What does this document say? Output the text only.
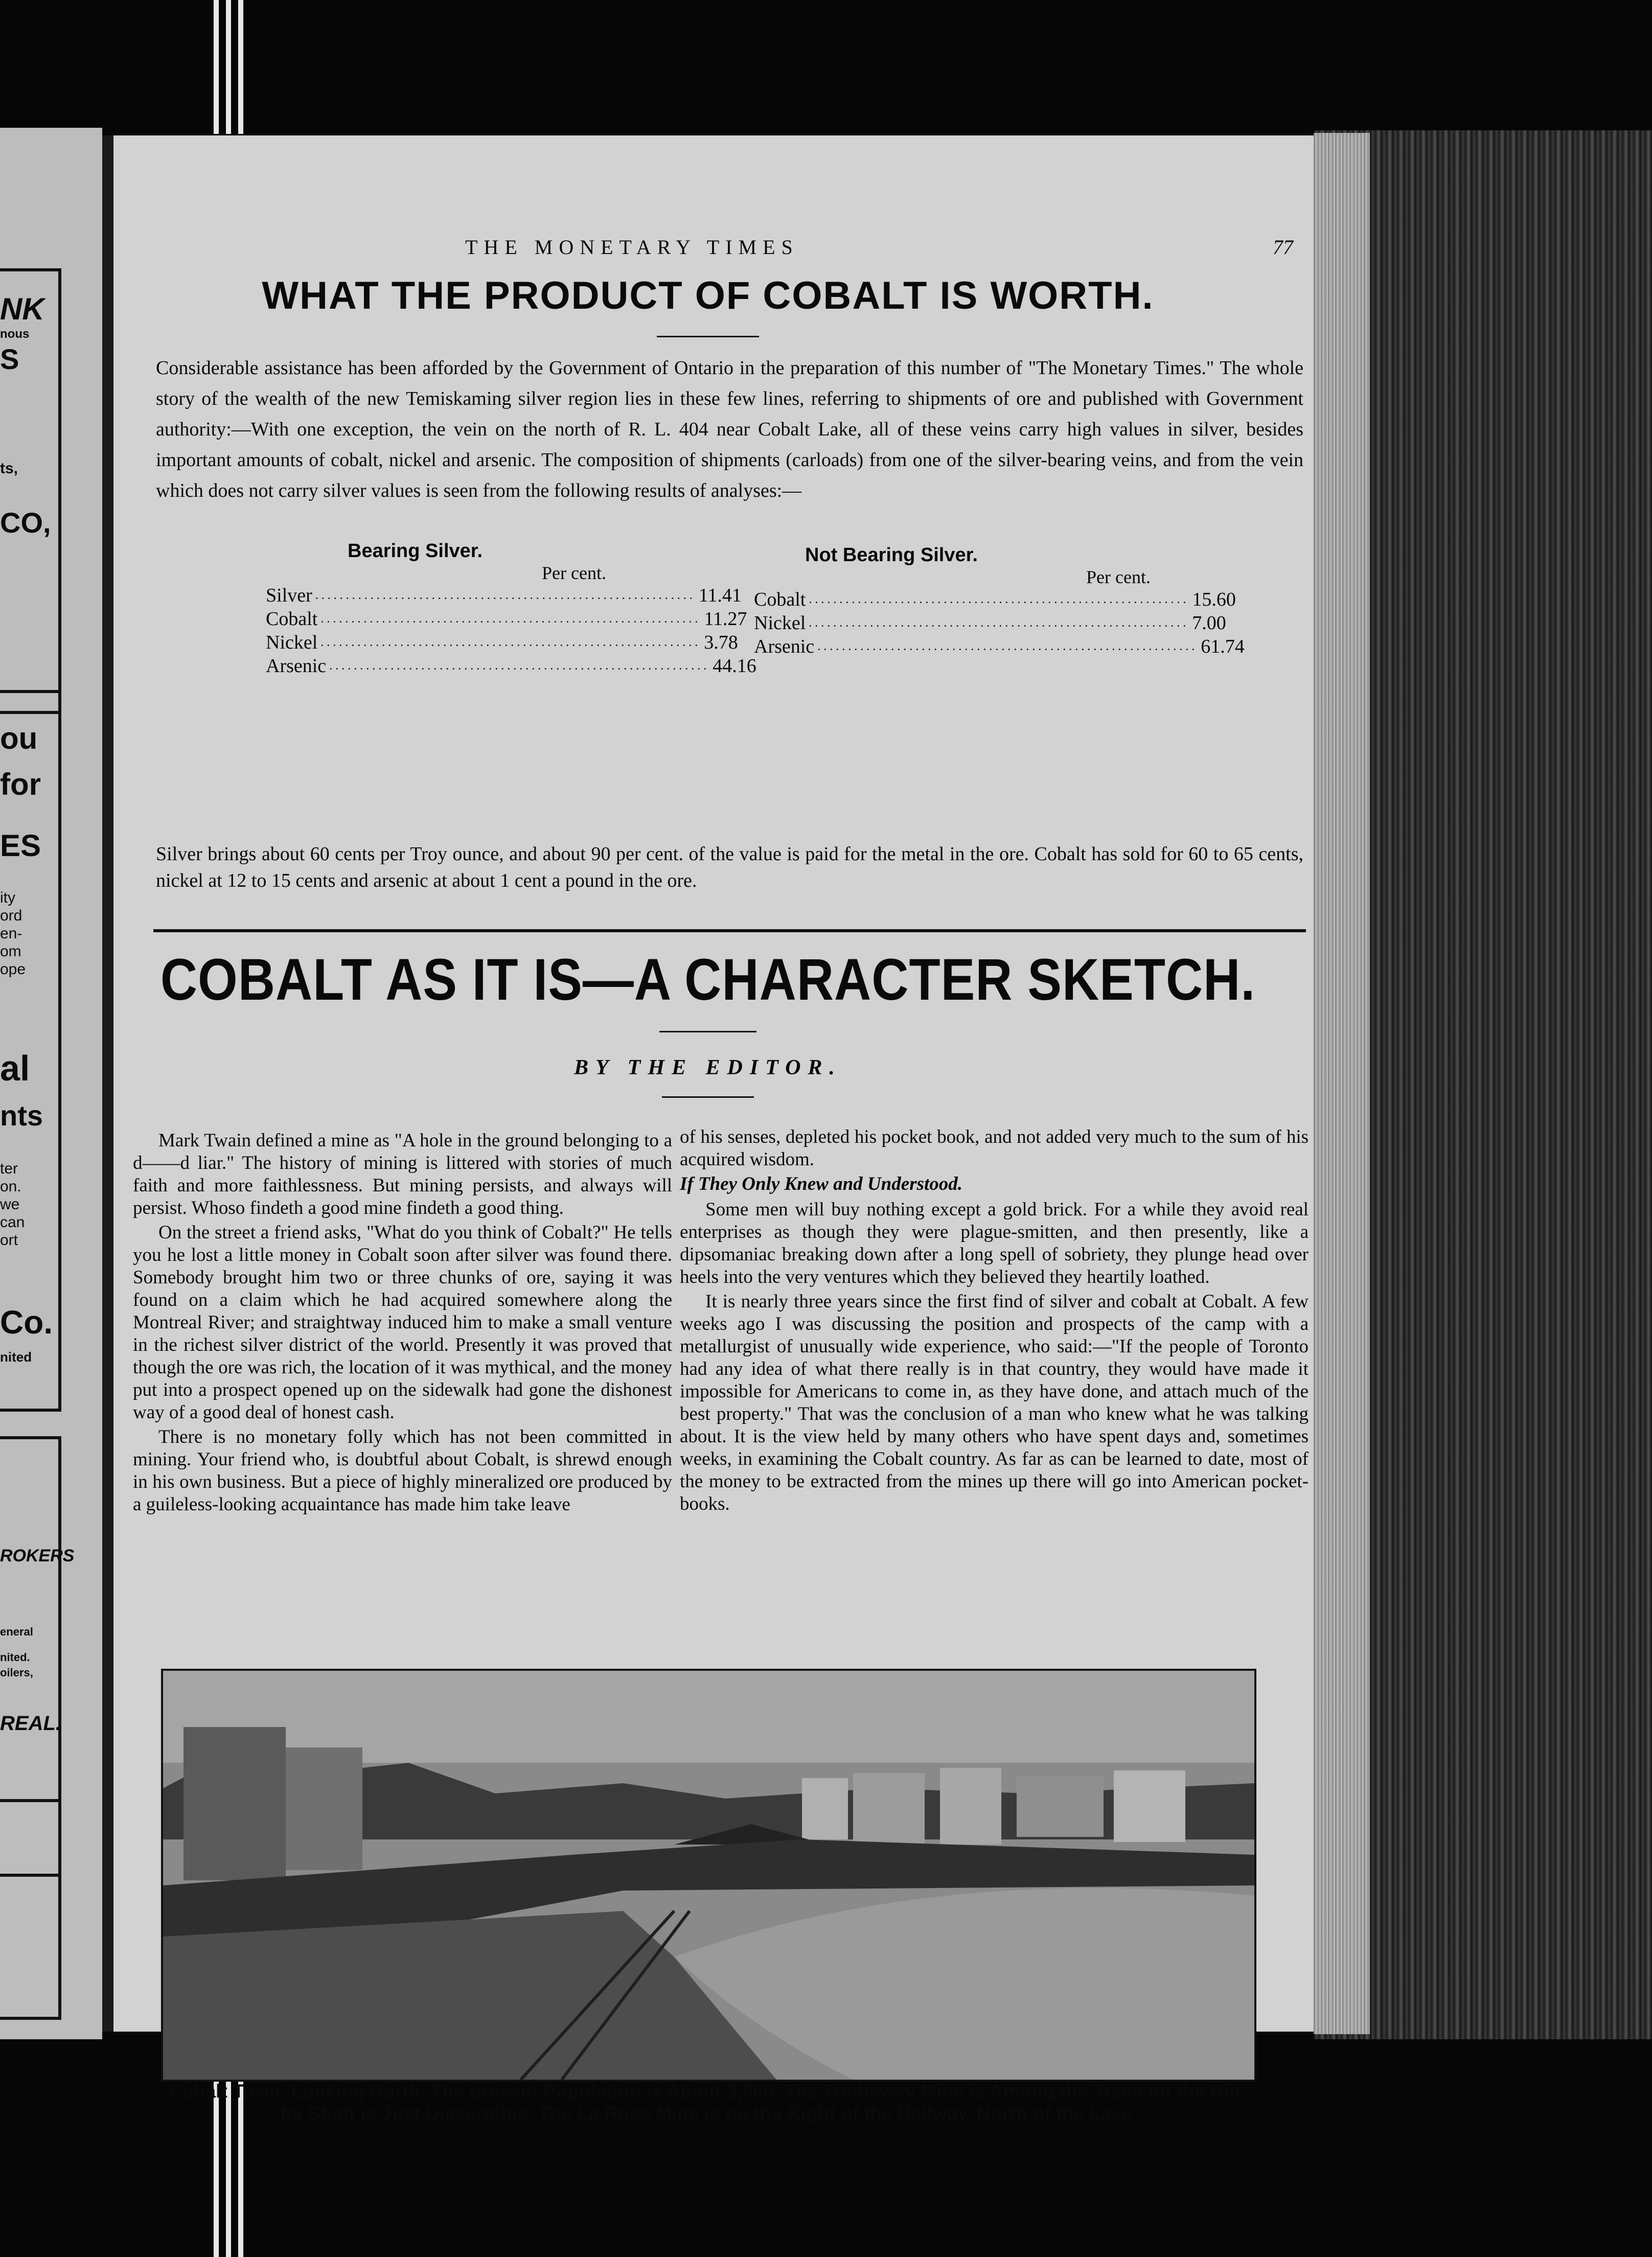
NK
nous
S
ts,
CO,
ou
for
ES
ity
ord
en-
om
ope
al
nts
ter
on.
we
can
ort
Co.
nited
ROKERS
eneral
nited.
oilers,
REAL.
THE MONETARY TIMES	77
WHAT THE PRODUCT OF COBALT IS WORTH.

Considerable assistance has been afforded by the Government of Ontario in the preparation of this number of "The Monetary Times." The whole story of the wealth of the new Temiskaming silver region lies in these few lines, referring to shipments of ore and published with Government authority:—With one exception, the vein on the north of R. L. 404 near Cobalt Lake, all of these veins carry high values in silver, besides important amounts of cobalt, nickel and arsenic. The composition of shipments (carloads) from one of the silver-bearing veins, and from the vein which does not carry silver values is seen from the following results of analyses:—

Bearing Silver.
Per cent.
Silver .............................................................. 11.41
Cobalt .............................................................. 11.27
Nickel .............................................................. 3.78
Arsenic .............................................................. 44.16
Not Bearing Silver.
Per cent.
Cobalt .............................................................. 15.60
Nickel .............................................................. 7.00
Arsenic .............................................................. 61.74

Silver brings about 60 cents per Troy ounce, and about 90 per cent. of the value is paid for the metal in the ore. Cobalt has sold for 60 to 65 cents, nickel at 12 to 15 cents and arsenic at about 1 cent a pound in the ore.

COBALT AS IT IS—A CHARACTER SKETCH.
BY THE EDITOR.

Mark Twain defined a mine as "A hole in the ground belonging to a d——d liar." The history of mining is littered with stories of much faith and more faithlessness. But mining persists, and always will persist. Whoso findeth a good mine findeth a good thing.

On the street a friend asks, "What do you think of Cobalt?" He tells you he lost a little money in Cobalt soon after silver was found there. Somebody brought him two or three chunks of ore, saying it was found on a claim which he had acquired somewhere along the Montreal River; and straightway induced him to make a small venture in the richest silver district of the world. Presently it was proved that though the ore was rich, the location of it was mythical, and the money put into a prospect opened up on the sidewalk had gone the dishonest way of a good deal of honest cash.

There is no monetary folly which has not been committed in mining. Your friend who, is doubtful about Cobalt, is shrewd enough in his own business. But a piece of highly mineralized ore produced by a guileless-looking acquaintance has made him take leave

of his senses, depleted his pocket book, and not added very much to the sum of his acquired wisdom.

If They Only Knew and Understood.

Some men will buy nothing except a gold brick. For a while they avoid real enterprises as though they were plague-smitten, and then presently, like a dipsomaniac breaking down after a long spell of sobriety, they plunge head over heels into the very ventures which they believed they heartily loathed.

It is nearly three years since the first find of silver and cobalt at Cobalt. A few weeks ago I was discussing the position and prospects of the camp with a metallurgist of unusually wide experience, who said:—"If the people of Toronto had any idea of what there really is in that country, they would have made it impossible for Americans to come in, as they have done, and attach much of the best property." That was the conclusion of a man who knew what he was talking about. It is the view held by many others who have spent days and, sometimes weeks, in examining the Cobalt country. As far as can be learned to date, most of the money to be extracted from the mines up there will go into American pocket-books.

Cobalt Town, Looking North. The present Population is About 3,000. The Trethewey Mine is Among the Trees on the Hill. Its Shaft is Just Discernible. The La Rose Mine is on the Right of the Railway, North of the Lake
